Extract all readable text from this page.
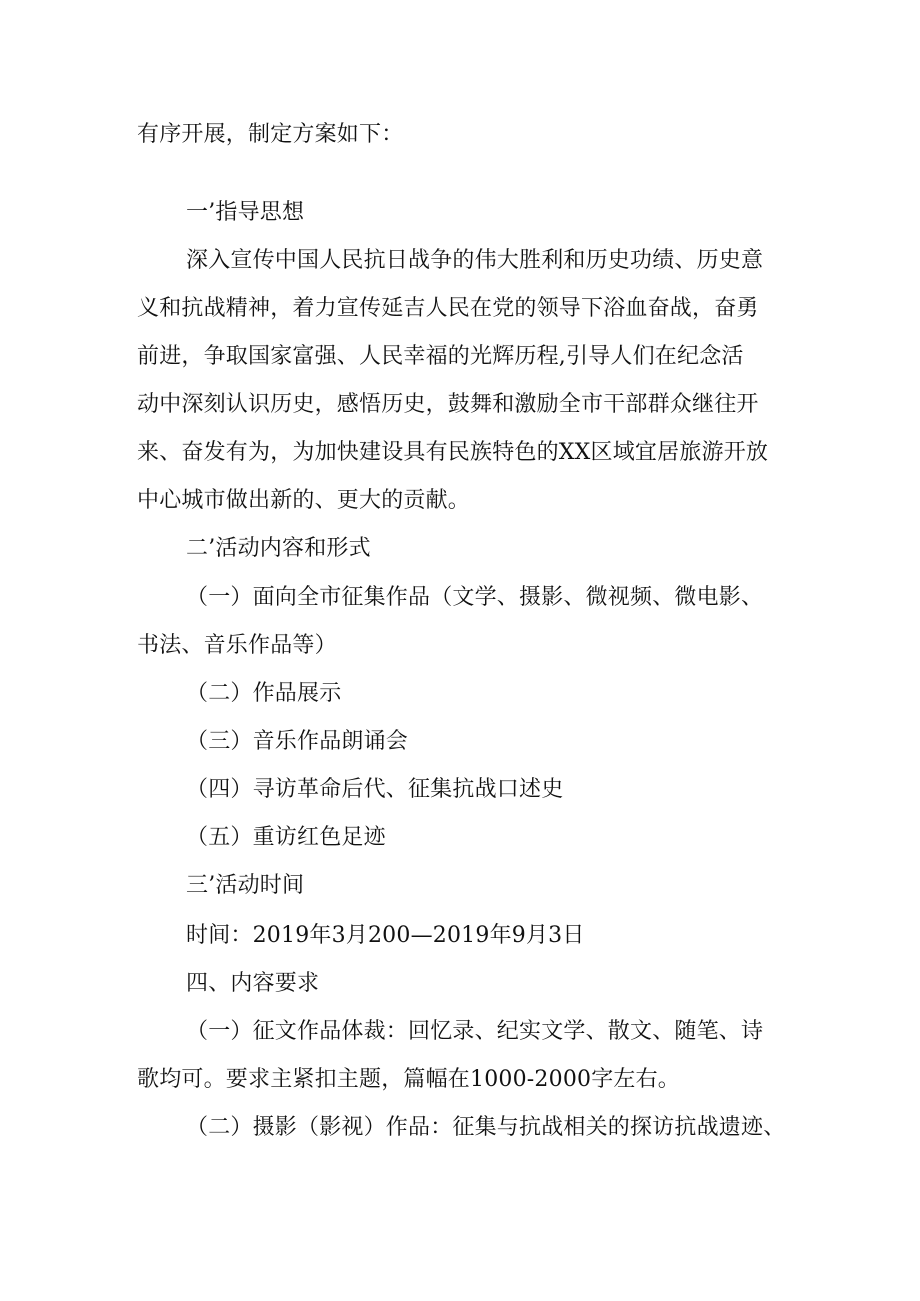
有序开展，制定方案如下：
一’指导思想
深入宣传中国人民抗日战争的伟大胜利和历史功绩、历史意
义和抗战精神，着力宣传延吉人民在党的领导下浴血奋战，奋勇
前进，争取国家富强、人民幸福的光辉历程,引导人们在纪念活
动中深刻认识历史，感悟历史，鼓舞和激励全市干部群众继往开
来、奋发有为，为加快建设具有民族特色的XX区域宜居旅游开放
中心城市做出新的、更大的贡献。
二’活动内容和形式
（一）面向全市征集作品（文学、摄影、微视频、微电影、
书法、音乐作品等）
（二）作品展示
（三）音乐作品朗诵会
（四）寻访革命后代、征集抗战口述史
（五）重访红色足迹
三’活动时间
时间：2019年3月200—2019年9月3日
四、内容要求
（一）征文作品体裁：回忆录、纪实文学、散文、随笔、诗
歌均可。要求主紧扣主题，篇幅在1000-2000字左右。
（二）摄影（影视）作品：征集与抗战相关的探访抗战遗迹、
